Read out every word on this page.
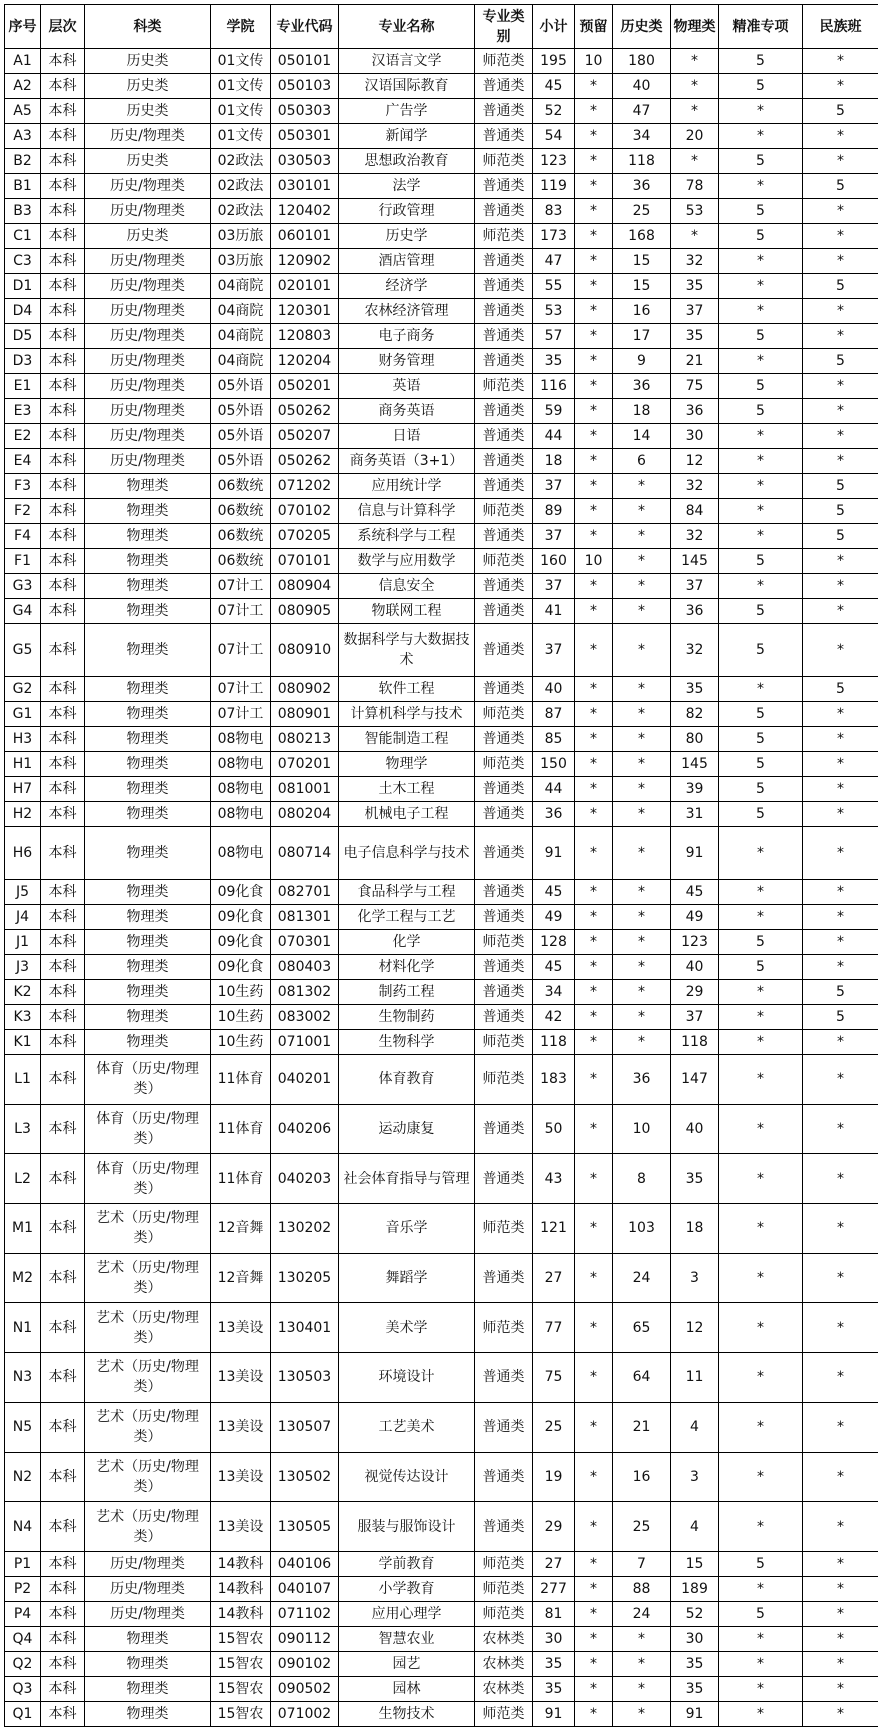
序号	层次	科类	学院	专业代码	专业名称	专业类别	小计	预留	历史类	物理类	精准专项	民族班
A1	本科	历史类	01文传	050101	汉语言文学	师范类	195	10	180	*	5	*
A2	本科	历史类	01文传	050103	汉语国际教育	普通类	45	*	40	*	5	*
A5	本科	历史类	01文传	050303	广告学	普通类	52	*	47	*	*	5
A3	本科	历史/物理类	01文传	050301	新闻学	普通类	54	*	34	20	*	*
B2	本科	历史类	02政法	030503	思想政治教育	师范类	123	*	118	*	5	*
B1	本科	历史/物理类	02政法	030101	法学	普通类	119	*	36	78	*	5
B3	本科	历史/物理类	02政法	120402	行政管理	普通类	83	*	25	53	5	*
C1	本科	历史类	03历旅	060101	历史学	师范类	173	*	168	*	5	*
C3	本科	历史/物理类	03历旅	120902	酒店管理	普通类	47	*	15	32	*	*
D1	本科	历史/物理类	04商院	020101	经济学	普通类	55	*	15	35	*	5
D4	本科	历史/物理类	04商院	120301	农林经济管理	普通类	53	*	16	37	*	*
D5	本科	历史/物理类	04商院	120803	电子商务	普通类	57	*	17	35	5	*
D3	本科	历史/物理类	04商院	120204	财务管理	普通类	35	*	9	21	*	5
E1	本科	历史/物理类	05外语	050201	英语	师范类	116	*	36	75	5	*
E3	本科	历史/物理类	05外语	050262	商务英语	普通类	59	*	18	36	5	*
E2	本科	历史/物理类	05外语	050207	日语	普通类	44	*	14	30	*	*
E4	本科	历史/物理类	05外语	050262	商务英语（3+1）	普通类	18	*	6	12	*	*
F3	本科	物理类	06数统	071202	应用统计学	普通类	37	*	*	32	*	5
F2	本科	物理类	06数统	070102	信息与计算科学	师范类	89	*	*	84	*	5
F4	本科	物理类	06数统	070205	系统科学与工程	普通类	37	*	*	32	*	5
F1	本科	物理类	06数统	070101	数学与应用数学	师范类	160	10	*	145	5	*
G3	本科	物理类	07计工	080904	信息安全	普通类	37	*	*	37	*	*
G4	本科	物理类	07计工	080905	物联网工程	普通类	41	*	*	36	5	*
G5	本科	物理类	07计工	080910	数据科学与大数据技术	普通类	37	*	*	32	5	*
G2	本科	物理类	07计工	080902	软件工程	普通类	40	*	*	35	*	5
G1	本科	物理类	07计工	080901	计算机科学与技术	师范类	87	*	*	82	5	*
H3	本科	物理类	08物电	080213	智能制造工程	普通类	85	*	*	80	5	*
H1	本科	物理类	08物电	070201	物理学	师范类	150	*	*	145	5	*
H7	本科	物理类	08物电	081001	土木工程	普通类	44	*	*	39	5	*
H2	本科	物理类	08物电	080204	机械电子工程	普通类	36	*	*	31	5	*
H6	本科	物理类	08物电	080714	电子信息科学与技术	普通类	91	*	*	91	*	*
J5	本科	物理类	09化食	082701	食品科学与工程	普通类	45	*	*	45	*	*
J4	本科	物理类	09化食	081301	化学工程与工艺	普通类	49	*	*	49	*	*
J1	本科	物理类	09化食	070301	化学	师范类	128	*	*	123	5	*
J3	本科	物理类	09化食	080403	材料化学	普通类	45	*	*	40	5	*
K2	本科	物理类	10生药	081302	制药工程	普通类	34	*	*	29	*	5
K3	本科	物理类	10生药	083002	生物制药	普通类	42	*	*	37	*	5
K1	本科	物理类	10生药	071001	生物科学	师范类	118	*	*	118	*	*
L1	本科	体育（历史/物理类）	11体育	040201	体育教育	师范类	183	*	36	147	*	*
L3	本科	体育（历史/物理类）	11体育	040206	运动康复	普通类	50	*	10	40	*	*
L2	本科	体育（历史/物理类）	11体育	040203	社会体育指导与管理	普通类	43	*	8	35	*	*
M1	本科	艺术（历史/物理类）	12音舞	130202	音乐学	师范类	121	*	103	18	*	*
M2	本科	艺术（历史/物理类）	12音舞	130205	舞蹈学	普通类	27	*	24	3	*	*
N1	本科	艺术（历史/物理类）	13美设	130401	美术学	师范类	77	*	65	12	*	*
N3	本科	艺术（历史/物理类）	13美设	130503	环境设计	普通类	75	*	64	11	*	*
N5	本科	艺术（历史/物理类）	13美设	130507	工艺美术	普通类	25	*	21	4	*	*
N2	本科	艺术（历史/物理类）	13美设	130502	视觉传达设计	普通类	19	*	16	3	*	*
N4	本科	艺术（历史/物理类）	13美设	130505	服装与服饰设计	普通类	29	*	25	4	*	*
P1	本科	历史/物理类	14教科	040106	学前教育	师范类	27	*	7	15	5	*
P2	本科	历史/物理类	14教科	040107	小学教育	师范类	277	*	88	189	*	*
P4	本科	历史/物理类	14教科	071102	应用心理学	师范类	81	*	24	52	5	*
Q4	本科	物理类	15智农	090112	智慧农业	农林类	30	*	*	30	*	*
Q2	本科	物理类	15智农	090102	园艺	农林类	35	*	*	35	*	*
Q3	本科	物理类	15智农	090502	园林	农林类	35	*	*	35	*	*
Q1	本科	物理类	15智农	071002	生物技术	师范类	91	*	*	91	*	*
